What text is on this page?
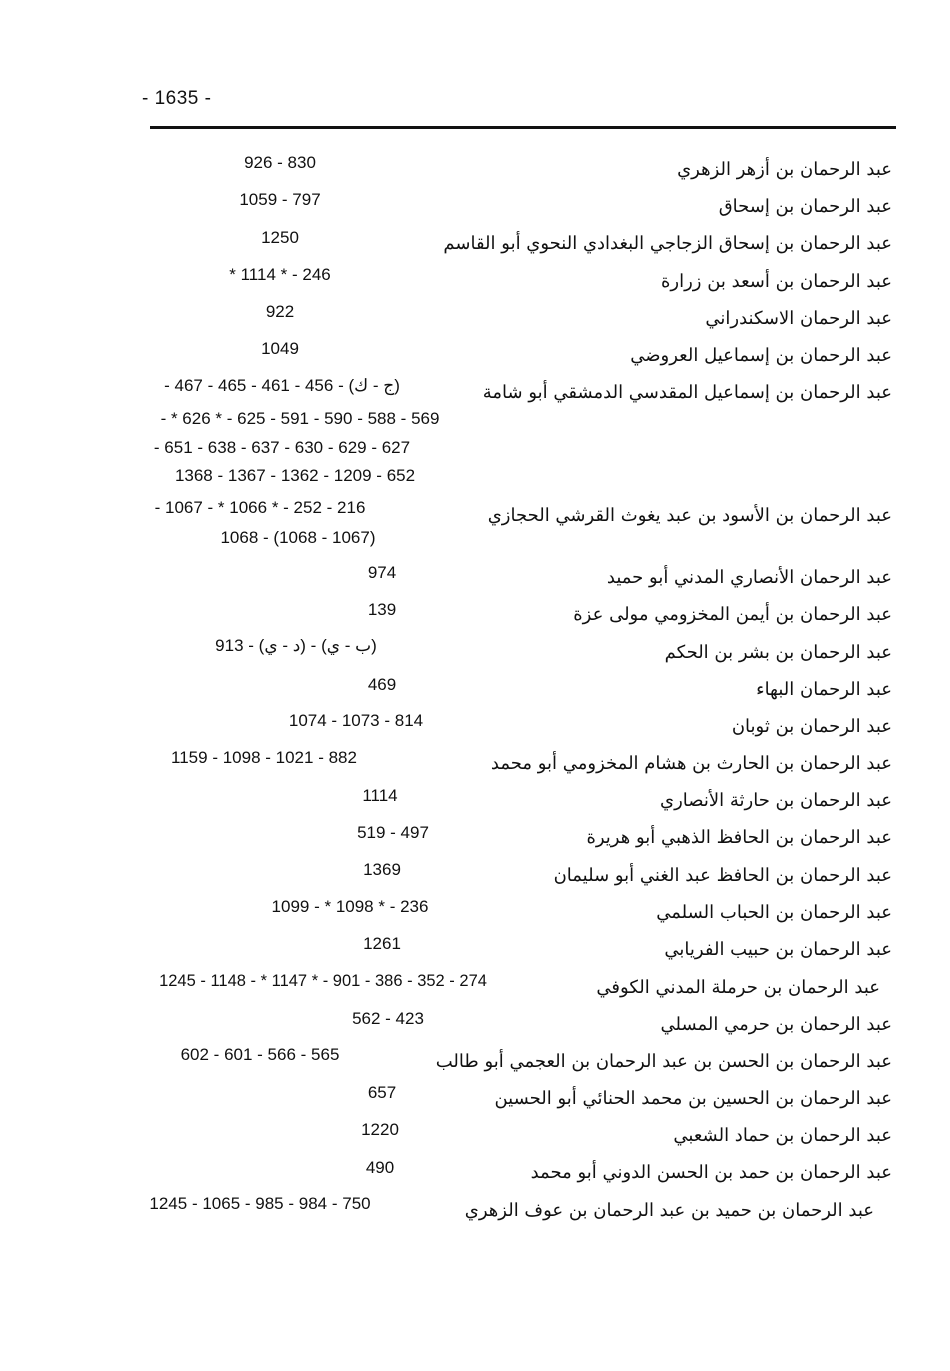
- 1635 -
عبد الرحمان بن أزهر الزهري
830 - 926
عبد الرحمان بن إسحاق
797 - 1059
عبد الرحمان بن إسحاق الزجاجي البغدادي النحوي أبو القاسم
1250
عبد الرحمان بن أسعد بن زرارة
246 - * 1114 *
عبد الرحمان الاسكندراني
922
عبد الرحمان بن إسماعيل العروضي
1049
عبد الرحمان بن إسماعيل المقدسي الدمشقي أبو شامة
(ج - ك) - 456 - 461 - 465 - 467 -
569 - 588 - 590 - 591 - 625 - * 626 * -
627 - 629 - 630 - 637 - 638 - 651 -
652 - 1209 - 1362 - 1367 - 1368
عبد الرحمان بن الأسود بن عبد يغوث القرشي الحجازي
216 - 252 - * 1066 * - 1067 -
(1067 - 1068) - 1068
عبد الرحمان الأنصاري المدني أبو حميد
974
عبد الرحمان بن أيمن المخزومي مولى عزة
139
عبد الرحمان بن بشر بن الحكم
(ب - ي) - (د - ي) - 913
عبد الرحمان البهاء
469
عبد الرحمان بن ثوبان
814 - 1073 - 1074
عبد الرحمان بن الحارث بن هشام المخزومي أبو محمد
882 - 1021 - 1098 - 1159
عبد الرحمان بن حارثة الأنصاري
1114
عبد الرحمان بن الحافظ الذهبي أبو هريرة
497 - 519
عبد الرحمان بن الحافظ عبد الغني أبو سليمان
1369
عبد الرحمان بن الحباب السلمي
236 - * 1098 * - 1099
عبد الرحمان بن حبيب الفريابي
1261
عبد الرحمان بن حرملة المدني الكوفي
274 - 352 - 386 - 901 - * 1147 * - 1148 - 1245
عبد الرحمان بن حرمي المسلي
423 - 562
عبد الرحمان بن الحسن بن عبد الرحمان بن العجمي أبو طالب
565 - 566 - 601 - 602
عبد الرحمان بن الحسين بن محمد الحنائي أبو الحسين
657
عبد الرحمان بن حماد الشعبي
1220
عبد الرحمان بن حمد بن الحسن الدوني أبو محمد
490
عبد الرحمان بن حميد بن عبد الرحمان بن عوف الزهري
750 - 984 - 985 - 1065 - 1245
